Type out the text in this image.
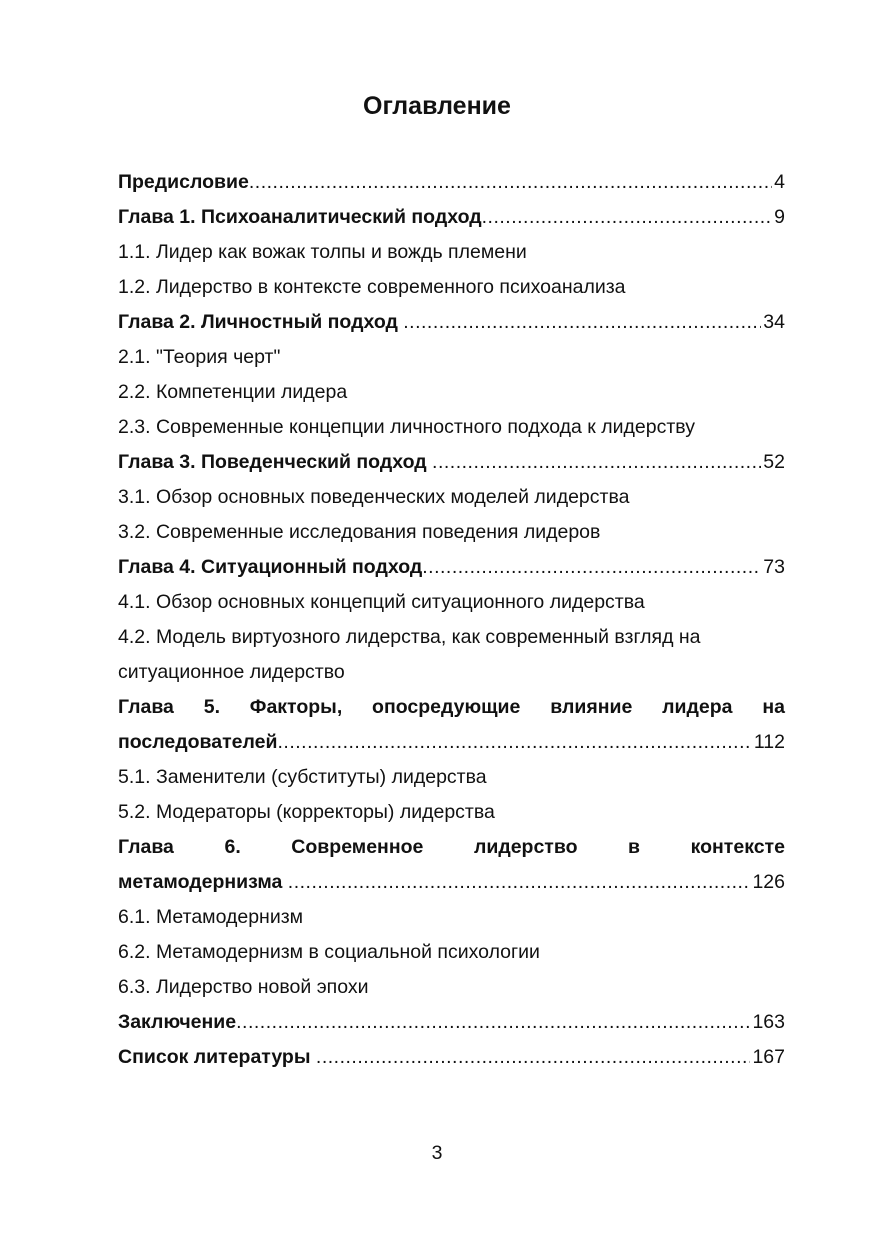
Оглавление
Предисловие .....	4
Глава 1. Психоаналитический подход .....	9
1.1. Лидер как вожак толпы и вождь племени
1.2. Лидерство в контексте современного психоанализа
Глава 2. Личностный подход .....	34
2.1. "Теория черт"
2.2. Компетенции лидера
2.3. Современные концепции личностного подхода к лидерству
Глава 3. Поведенческий подход .....	52
3.1. Обзор основных поведенческих моделей лидерства
3.2. Современные исследования поведения лидеров
Глава 4. Ситуационный подход .....	73
4.1. Обзор основных концепций ситуационного лидерства
4.2. Модель виртуозного лидерства, как современный взгляд на
ситуационное лидерство
Глава 5. Факторы, опосредующие влияние лидера на
последователей .....	112
5.1. Заменители (субституты) лидерства
5.2. Модераторы (корректоры) лидерства
Глава	6.	Современное	лидерство	в	контексте
метамодернизма .....	126
6.1. Метамодернизм
6.2. Метамодернизм в социальной психологии
6.3. Лидерство новой эпохи
Заключение .....	163
Список литературы .....	167
3
